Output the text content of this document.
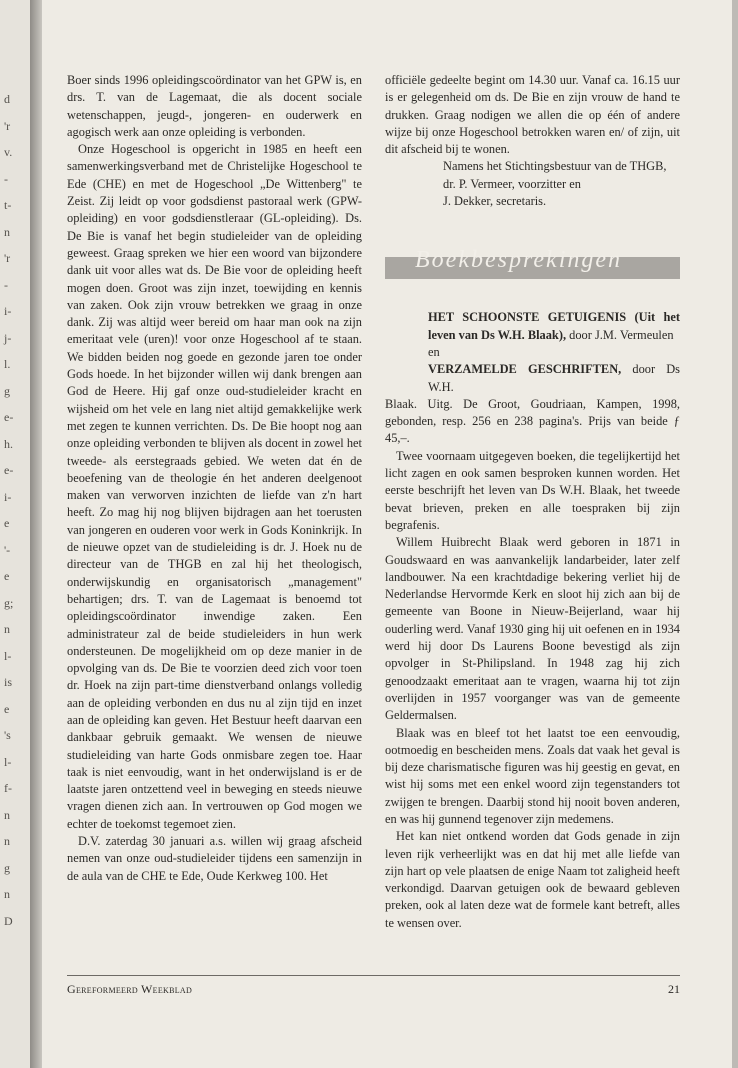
d
'r
v.
-
t-
n
'r
-
i-
j-
l.
g
e-
h.
e-
i-
e
'-
e
g;
n
l-
is
e
's
l-
f-
n
n
g
n
D

Boer sinds 1996 opleidingscoördinator van het GPW is, en drs. T. van de Lagemaat, die als docent sociale wetenschappen, jeugd-, jongeren- en ouderwerk en agogisch werk aan onze opleiding is verbonden.

Onze Hogeschool is opgericht in 1985 en heeft een samenwerkingsverband met de Christelijke Hogeschool te Ede (CHE) en met de Hogeschool „De Wittenberg" te Zeist. Zij leidt op voor godsdienst pastoraal werk (GPW-opleiding) en voor godsdienstleraar (GL-opleiding). Ds. De Bie is vanaf het begin studieleider van de opleiding geweest. Graag spreken we hier een woord van bijzondere dank uit voor alles wat ds. De Bie voor de opleiding heeft mogen doen. Groot was zijn inzet, toewijding en kennis van zaken. Ook zijn vrouw betrekken we graag in onze dank. Zij was altijd weer bereid om haar man ook na zijn emeritaat vele (uren)! voor onze Hogeschool af te staan. We bidden beiden nog goede en gezonde jaren toe onder Gods hoede. In het bijzonder willen wij dank brengen aan God de Heere. Hij gaf onze oud-studieleider kracht en wijsheid om het vele en lang niet altijd gemakkelijke werk met zegen te kunnen verrichten. Ds. De Bie hoopt nog aan onze opleiding verbonden te blijven als docent in zowel het tweede- als eerstegraads gebied. We weten dat én de beoefening van de theologie én het anderen deelgenoot maken van verworven inzichten de liefde van z'n hart heeft. Zo mag hij nog blijven bijdragen aan het toerusten van jongeren en ouderen voor werk in Gods Koninkrijk. In de nieuwe opzet van de studieleiding is dr. J. Hoek nu de directeur van de THGB en zal hij het theologisch, onderwijskundig en organisatorisch „management" behartigen; drs. T. van de Lagemaat is benoemd tot opleidingscoördinator inwendige zaken. Een administrateur zal de beide studieleiders in hun werk ondersteunen. De mogelijkheid om op deze manier in de opvolging van ds. De Bie te voorzien deed zich voor toen dr. Hoek na zijn part-time dienstverband onlangs volledig aan de opleiding verbonden en dus nu al zijn tijd en inzet aan de opleiding kan geven. Het Bestuur heeft daarvan een dankbaar gebruik gemaakt. We wensen de nieuwe studieleiding van harte Gods onmisbare zegen toe. Haar taak is niet eenvoudig, want in het onderwijsland is er de laatste jaren ontzettend veel in beweging en steeds nieuwe vragen dienen zich aan. In vertrouwen op God mogen we echter de toekomst tegemoet zien.

D.V. zaterdag 30 januari a.s. willen wij graag afscheid nemen van onze oud-studieleider tijdens een samenzijn in de aula van de CHE te Ede, Oude Kerkweg 100. Het

officiële gedeelte begint om 14.30 uur. Vanaf ca. 16.15 uur is er gelegenheid om ds. De Bie en zijn vrouw de hand te drukken. Graag nodigen we allen die op één of andere wijze bij onze Hogeschool betrokken waren en/ of zijn, uit dit afscheid bij te wonen.

Namens het Stichtingsbestuur van de THGB,
dr. P. Vermeer, voorzitter en
J. Dekker, secretaris.
Boekbesprekingen

HET SCHOONSTE GETUIGENIS (Uit het leven van Ds W.H. Blaak), door J.M. Vermeulen

en

VERZAMELDE GESCHRIFTEN, door Ds W.H.

Blaak. Uitg. De Groot, Goudriaan, Kampen, 1998, gebonden, resp. 256 en 238 pagina's. Prijs van beide ƒ 45,–.

Twee voornaam uitgegeven boeken, die tegelijkertijd het licht zagen en ook samen besproken kunnen worden. Het eerste beschrijft het leven van Ds W.H. Blaak, het tweede bevat brieven, preken en alle toespraken bij zijn begrafenis.

Willem Huibrecht Blaak werd geboren in 1871 in Goudswaard en was aanvankelijk landarbeider, later zelf landbouwer. Na een krachtdadige bekering verliet hij de Nederlandse Hervormde Kerk en sloot hij zich aan bij de gemeente van Boone in Nieuw-Beijerland, waar hij ouderling werd. Vanaf 1930 ging hij uit oefenen en in 1934 werd hij door Ds Laurens Boone bevestigd als zijn opvolger in St-Philipsland. In 1948 zag hij zich genoodzaakt emeritaat aan te vragen, waarna hij tot zijn overlijden in 1957 voorganger was van de gemeente Geldermalsen.

Blaak was en bleef tot het laatst toe een eenvoudig, ootmoedig en bescheiden mens. Zoals dat vaak het geval is bij deze charismatische figuren was hij geestig en gevat, en wist hij soms met een enkel woord zijn tegenstanders tot zwijgen te brengen. Daarbij stond hij nooit boven anderen, en was hij gunnend tegenover zijn medemens.

Het kan niet ontkend worden dat Gods genade in zijn leven rijk verheerlijkt was en dat hij met alle liefde van zijn hart op vele plaatsen de enige Naam tot zaligheid heeft verkondigd. Daarvan getuigen ook de bewaard gebleven preken, ook al laten deze wat de formele kant betreft, alles te wensen over.

Gereformeerd Weekblad	21
